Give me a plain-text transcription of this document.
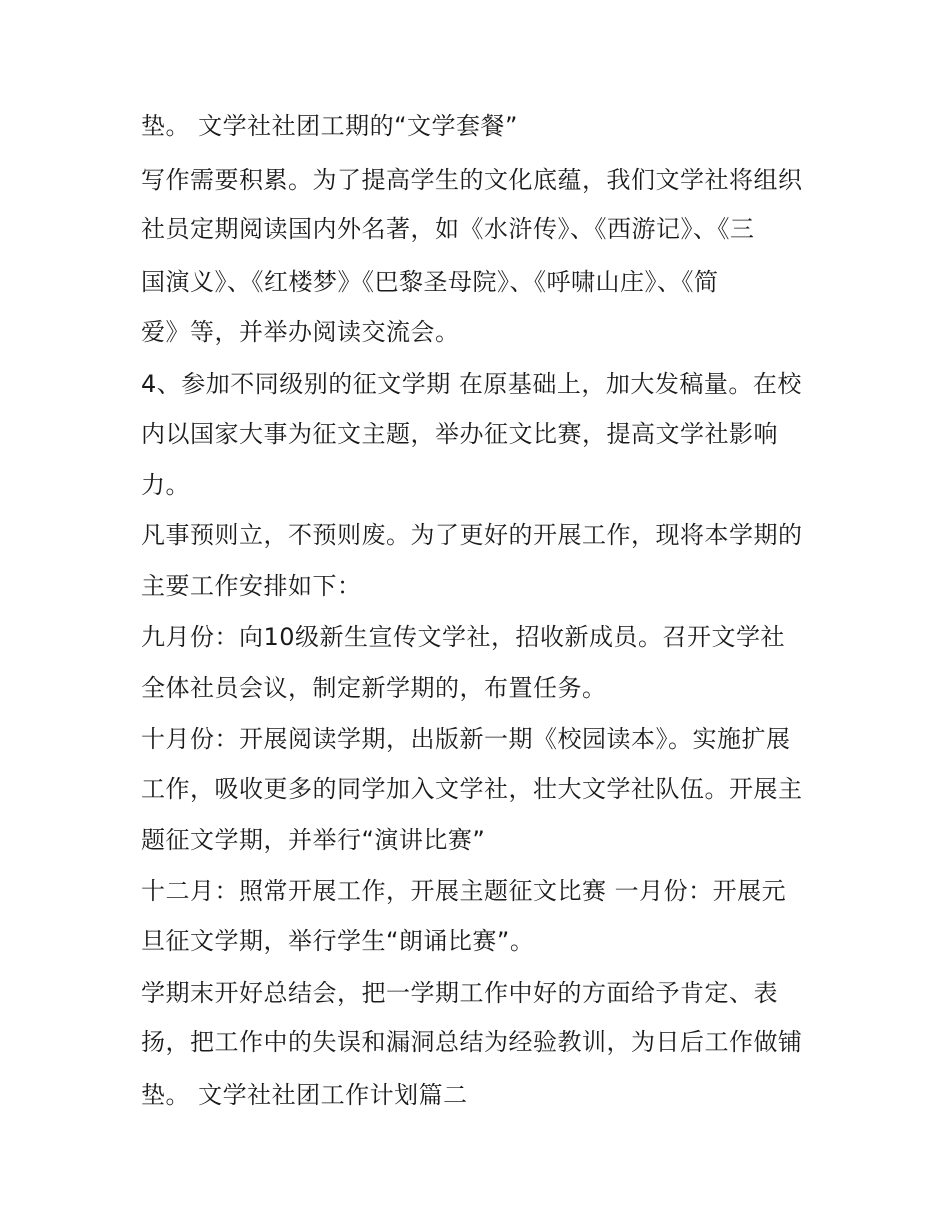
垫。 文学社社团工期的“文学套餐”
写作需要积累。为了提高学生的文化底蕴，我们文学社将组织
社员定期阅读国内外名著，如《水浒传》、《西游记》、《三
国演义》、《红楼梦》《巴黎圣母院》、《呼啸山庄》、《简
爱》等，并举办阅读交流会。
4、参加不同级别的征文学期 在原基础上，加大发稿量。在校
内以国家大事为征文主题，举办征文比赛，提高文学社影响
力。
凡事预则立，不预则废。为了更好的开展工作，现将本学期的
主要工作安排如下：
九月份：向10级新生宣传文学社，招收新成员。召开文学社
全体社员会议，制定新学期的，布置任务。
十月份：开展阅读学期，出版新一期《校园读本》。实施扩展
工作，吸收更多的同学加入文学社，壮大文学社队伍。开展主
题征文学期，并举行“演讲比赛”
十二月：照常开展工作，开展主题征文比赛 一月份：开展元
旦征文学期，举行学生“朗诵比赛”。
学期末开好总结会，把一学期工作中好的方面给予肯定、表
扬，把工作中的失误和漏洞总结为经验教训，为日后工作做铺
垫。 文学社社团工作计划篇二
